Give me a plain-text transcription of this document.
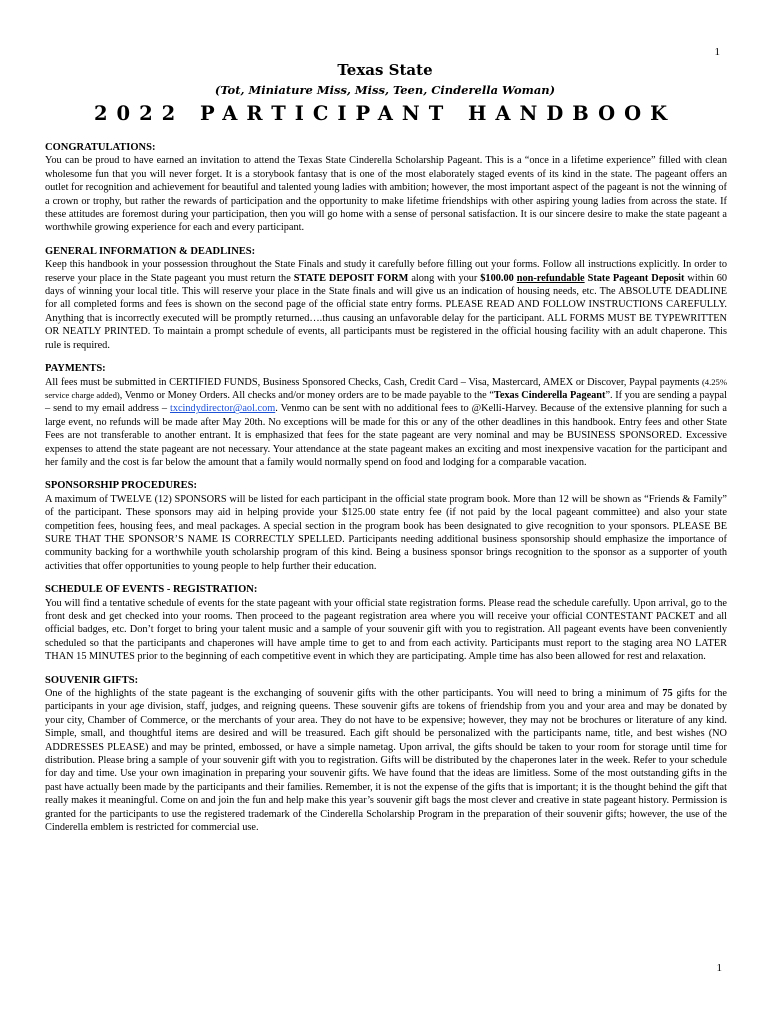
1

Texas State

(Tot, Miniature Miss, Miss, Teen, Cinderella Woman)

2022 PARTICIPANT HANDBOOK

CONGRATULATIONS:

You can be proud to have earned an invitation to attend the Texas State Cinderella Scholarship Pageant. This is a “once in a lifetime experience” filled with clean wholesome fun that you will never forget. It is a storybook fantasy that is one of the most elaborately staged events of its kind in the state. The pageant offers an outlet for recognition and achievement for beautiful and talented young ladies with ambition; however, the most important aspect of the pageant is not the winning of a crown or trophy, but rather the rewards of participation and the opportunity to make lifetime friendships with other aspiring young ladies from across the state. If these attitudes are foremost during your participation, then you will go home with a sense of personal satisfaction. It is our sincere desire to make the state pageant a worthwhile growing experience for each and every participant.

GENERAL INFORMATION & DEADLINES:

Keep this handbook in your possession throughout the State Finals and study it carefully before filling out your forms. Follow all instructions explicitly. In order to reserve your place in the State pageant you must return the STATE DEPOSIT FORM along with your $100.00 non-refundable State Pageant Deposit within 60 days of winning your local title. This will reserve your place in the State finals and will give us an indication of housing needs, etc. The ABSOLUTE DEADLINE for all completed forms and fees is shown on the second page of the official state entry forms. PLEASE READ AND FOLLOW INSTRUCTIONS CAREFULLY. Anything that is incorrectly executed will be promptly returned….thus causing an unfavorable delay for the participant. ALL FORMS MUST BE TYPEWRITTEN OR NEATLY PRINTED. To maintain a prompt schedule of events, all participants must be registered in the official housing facility with an adult chaperone. This rule is required.

PAYMENTS:

All fees must be submitted in CERTIFIED FUNDS, Business Sponsored Checks, Cash, Credit Card – Visa, Mastercard, AMEX or Discover, Paypal payments (4.25% service charge added), Venmo or Money Orders. All checks and/or money orders are to be made payable to the “Texas Cinderella Pageant”. If you are sending a paypal – send to my email address – txcindydirector@aol.com. Venmo can be sent with no additional fees to @Kelli-Harvey. Because of the extensive planning for such a large event, no refunds will be made after May 20th. No exceptions will be made for this or any of the other deadlines in this handbook. Entry fees and other State Fees are not transferable to another entrant. It is emphasized that fees for the state pageant are very nominal and may be BUSINESS SPONSORED. Excessive expenses to attend the state pageant are not necessary. Your attendance at the state pageant makes an exciting and most inexpensive vacation for the participant and her family and the cost is far below the amount that a family would normally spend on food and lodging for a comparable vacation.

SPONSORSHIP PROCEDURES:

A maximum of TWELVE (12) SPONSORS will be listed for each participant in the official state program book. More than 12 will be shown as “Friends & Family” of the participant. These sponsors may aid in helping provide your $125.00 state entry fee (if not paid by the local pageant committee) and also your state competition fees, housing fees, and meal packages. A special section in the program book has been designated to give recognition to your sponsors. PLEASE BE SURE THAT THE SPONSOR’S NAME IS CORRECTLY SPELLED. Participants needing additional business sponsorship should emphasize the importance of community backing for a worthwhile youth scholarship program of this kind. Being a business sponsor brings recognition to the sponsor as a supporter of youth activities that offer opportunities to young people to help further their education.

SCHEDULE OF EVENTS - REGISTRATION:

You will find a tentative schedule of events for the state pageant with your official state registration forms. Please read the schedule carefully. Upon arrival, go to the front desk and get checked into your rooms. Then proceed to the pageant registration area where you will receive your official CONTESTANT PACKET and all official badges, etc. Don’t forget to bring your talent music and a sample of your souvenir gift with you to registration. All pageant events have been conveniently scheduled so that the participants and chaperones will have ample time to get to and from each activity. Participants must report to the staging area NO LATER THAN 15 MINUTES prior to the beginning of each competitive event in which they are participating. Ample time has also been allowed for rest and relaxation.

SOUVENIR GIFTS:

One of the highlights of the state pageant is the exchanging of souvenir gifts with the other participants. You will need to bring a minimum of 75 gifts for the participants in your age division, staff, judges, and reigning queens. These souvenir gifts are tokens of friendship from you and your area and may be donated by your city, Chamber of Commerce, or the merchants of your area. They do not have to be expensive; however, they may not be brochures or literature of any kind. Simple, small, and thoughtful items are desired and will be treasured. Each gift should be personalized with the participants name, title, and best wishes (NO ADDRESSES PLEASE) and may be printed, embossed, or have a simple nametag. Upon arrival, the gifts should be taken to your room for storage until time for distribution. Please bring a sample of your souvenir gift with you to registration. Gifts will be distributed by the chaperones later in the week. Refer to your schedule for day and time. Use your own imagination in preparing your souvenir gifts. We have found that the ideas are limitless. Some of the most outstanding gifts in the past have actually been made by the participants and their families. Remember, it is not the expense of the gifts that is important; it is the thought behind the gift that really makes it meaningful. Come on and join the fun and help make this year’s souvenir gift bags the most clever and creative in state pageant history. Permission is granted for the participants to use the registered trademark of the Cinderella Scholarship Program in the preparation of their souvenir gifts; however, the use of the Cinderella emblem is restricted for commercial use.

1
